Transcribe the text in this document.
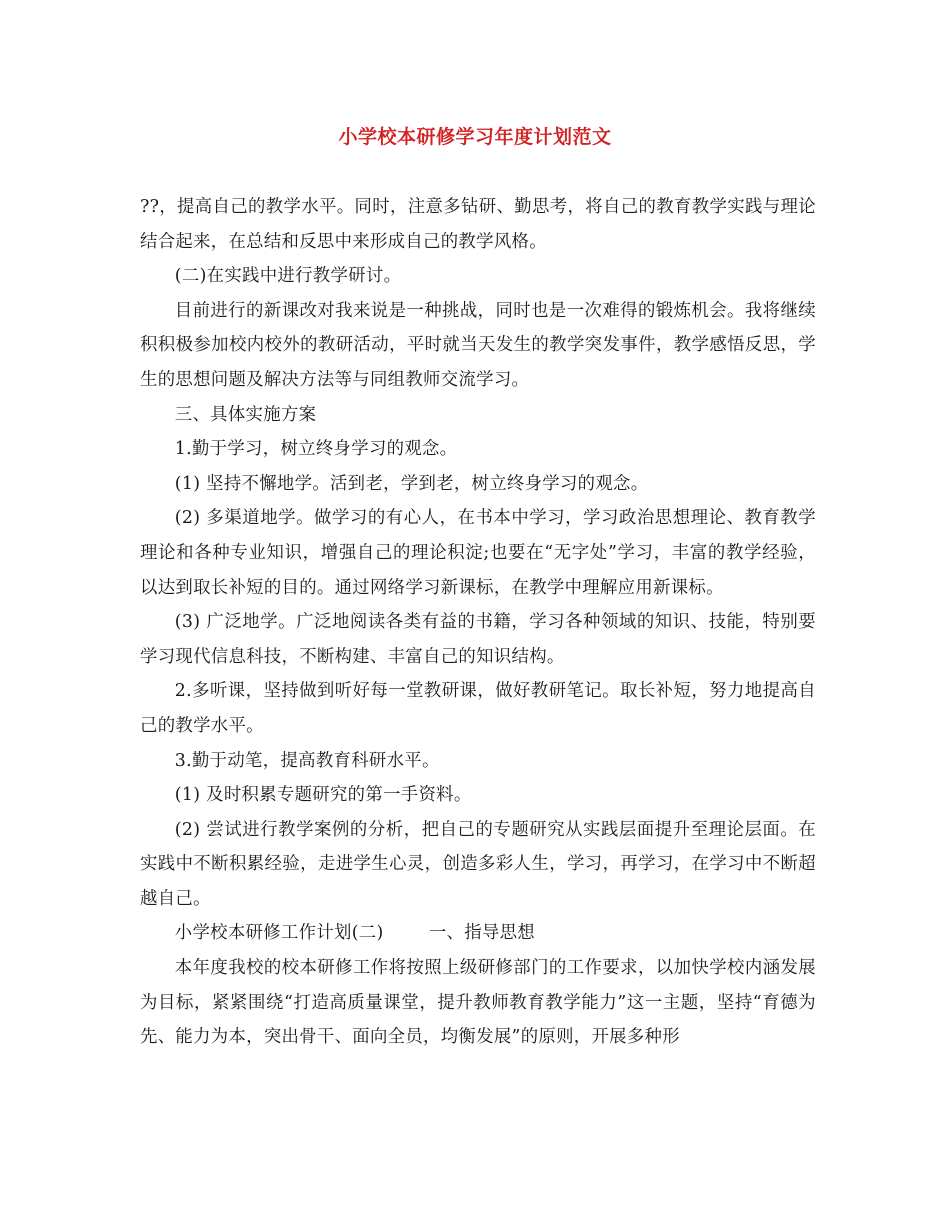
小学校本研修学习年度计划范文

??，提高自己的教学水平。同时，注意多钻研、勤思考，将自己的教育教学实践与理论结合起来，在总结和反思中来形成自己的教学风格。

(二)在实践中进行教学研讨。

目前进行的新课改对我来说是一种挑战，同时也是一次难得的锻炼机会。我将继续积积极参加校内校外的教研活动，平时就当天发生的教学突发事件，教学感悟反思，学生的思想问题及解决方法等与同组教师交流学习。

三、具体实施方案

1.勤于学习，树立终身学习的观念。

(1) 坚持不懈地学。活到老，学到老，树立终身学习的观念。

(2) 多渠道地学。做学习的有心人，在书本中学习，学习政治思想理论、教育教学理论和各种专业知识，增强自己的理论积淀;也要在“无字处”学习，丰富的教学经验，以达到取长补短的目的。通过网络学习新课标，在教学中理解应用新课标。

(3) 广泛地学。广泛地阅读各类有益的书籍，学习各种领域的知识、技能，特别要学习现代信息科技，不断构建、丰富自己的知识结构。

2.多听课，坚持做到听好每一堂教研课，做好教研笔记。取长补短，努力地提高自己的教学水平。

3.勤于动笔，提高教育科研水平。

(1) 及时积累专题研究的第一手资料。

(2) 尝试进行教学案例的分析，把自己的专题研究从实践层面提升至理论层面。在实践中不断积累经验，走进学生心灵，创造多彩人生，学习，再学习，在学习中不断超越自己。

小学校本研修工作计划(二)	一、指导思想

本年度我校的校本研修工作将按照上级研修部门的工作要求，以加快学校内涵发展为目标，紧紧围绕“打造高质量课堂，提升教师教育教学能力”这一主题，坚持“育德为先、能力为本，突出骨干、面向全员，均衡发展”的原则，开展多种形
